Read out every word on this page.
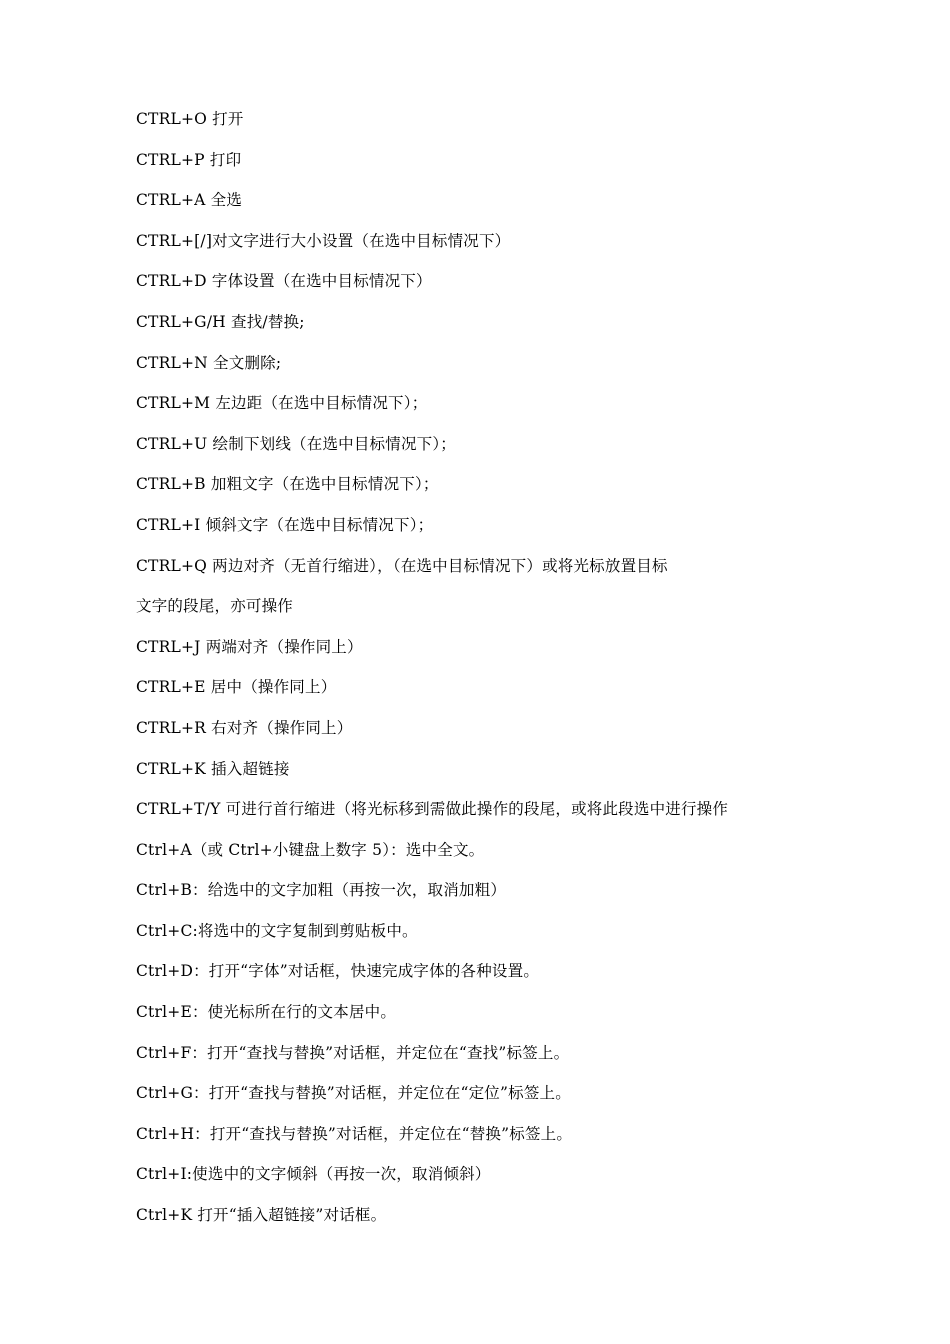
CTRL+O 打开
CTRL+P 打印
CTRL+A 全选
CTRL+[/]对文字进行大小设置（在选中目标情况下）
CTRL+D 字体设置（在选中目标情况下）
CTRL+G/H 查找/替换;
CTRL+N 全文删除;
CTRL+M 左边距（在选中目标情况下）；
CTRL+U 绘制下划线（在选中目标情况下）；
CTRL+B 加粗文字（在选中目标情况下）；
CTRL+I 倾斜文字（在选中目标情况下）；
CTRL+Q 两边对齐（无首行缩进），（在选中目标情况下）或将光标放置目标
文字的段尾，亦可操作
CTRL+J 两端对齐（操作同上）
CTRL+E 居中（操作同上）
CTRL+R 右对齐（操作同上）
CTRL+K 插入超链接
CTRL+T/Y 可进行首行缩进（将光标移到需做此操作的段尾，或将此段选中进行操作
Ctrl+A（或 Ctrl+小键盘上数字 5）：选中全文。
Ctrl+B：给选中的文字加粗（再按一次，取消加粗）
Ctrl+C:将选中的文字复制到剪贴板中。
Ctrl+D：打开“字体”对话框，快速完成字体的各种设置。
Ctrl+E：使光标所在行的文本居中。
Ctrl+F：打开“查找与替换”对话框，并定位在“查找”标签上。
Ctrl+G：打开“查找与替换”对话框，并定位在“定位”标签上。
Ctrl+H：打开“查找与替换”对话框，并定位在“替换”标签上。
Ctrl+I:使选中的文字倾斜（再按一次，取消倾斜）
Ctrl+K 打开“插入超链接”对话框。
